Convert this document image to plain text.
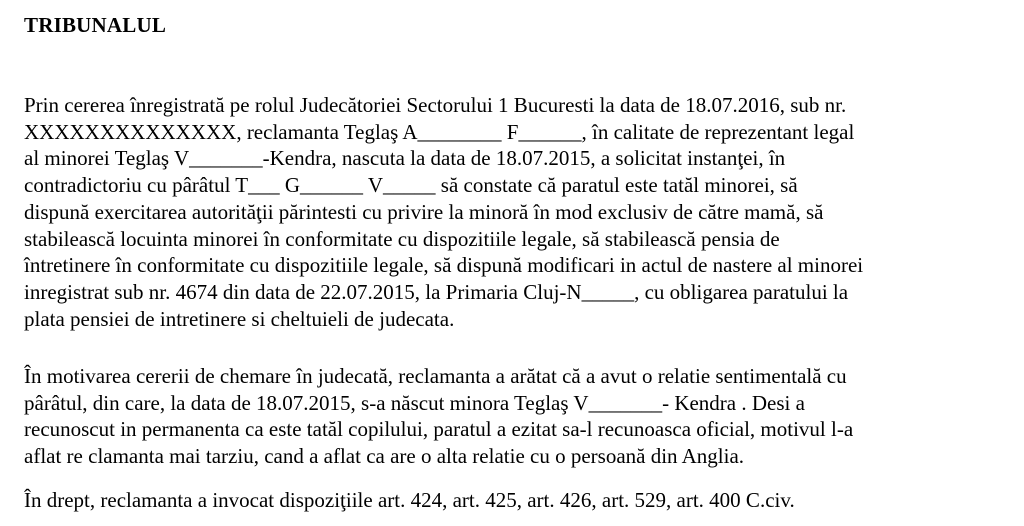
TRIBUNALUL

Prin cererea înregistrată pe rolul Judecătoriei Sectorului 1 Bucuresti la data de 18.07.2016, sub nr.
XXXXXXXXXXXXXX, reclamanta Teglaş A________ F______, în calitate de reprezentant legal
al minorei Teglaş V_______-Kendra, nascuta la data de 18.07.2015, a solicitat instanţei, în
contradictoriu cu pârâtul T___ G______ V_____ să constate că paratul este tatăl minorei, să
dispună exercitarea autorităţii părintesti cu privire la minoră în mod exclusiv de către mamă, să
stabilească locuinta minorei în conformitate cu dispozitiile legale, să stabilească pensia de
întretinere în conformitate cu dispozitiile legale, să dispună modificari in actul de nastere al minorei
inregistrat sub nr. 4674 din data de 22.07.2015, la Primaria Cluj-N_____, cu obligarea paratului la
plata pensiei de intretinere si cheltuieli de judecata.

În motivarea cererii de chemare în judecată, reclamanta a arătat că a avut o relatie sentimentală cu
pârâtul, din care, la data de 18.07.2015, s-a născut minora Teglaş V_______- Kendra . Desi a
recunoscut in permanenta ca este tatăl copilului, paratul a ezitat sa-l recunoasca oficial, motivul l-a
aflat re clamanta mai tarziu, cand a aflat ca are o alta relatie cu o persoană din Anglia.

În drept, reclamanta a invocat dispoziţiile art. 424, art. 425, art. 426, art. 529, art. 400 C.civ.
